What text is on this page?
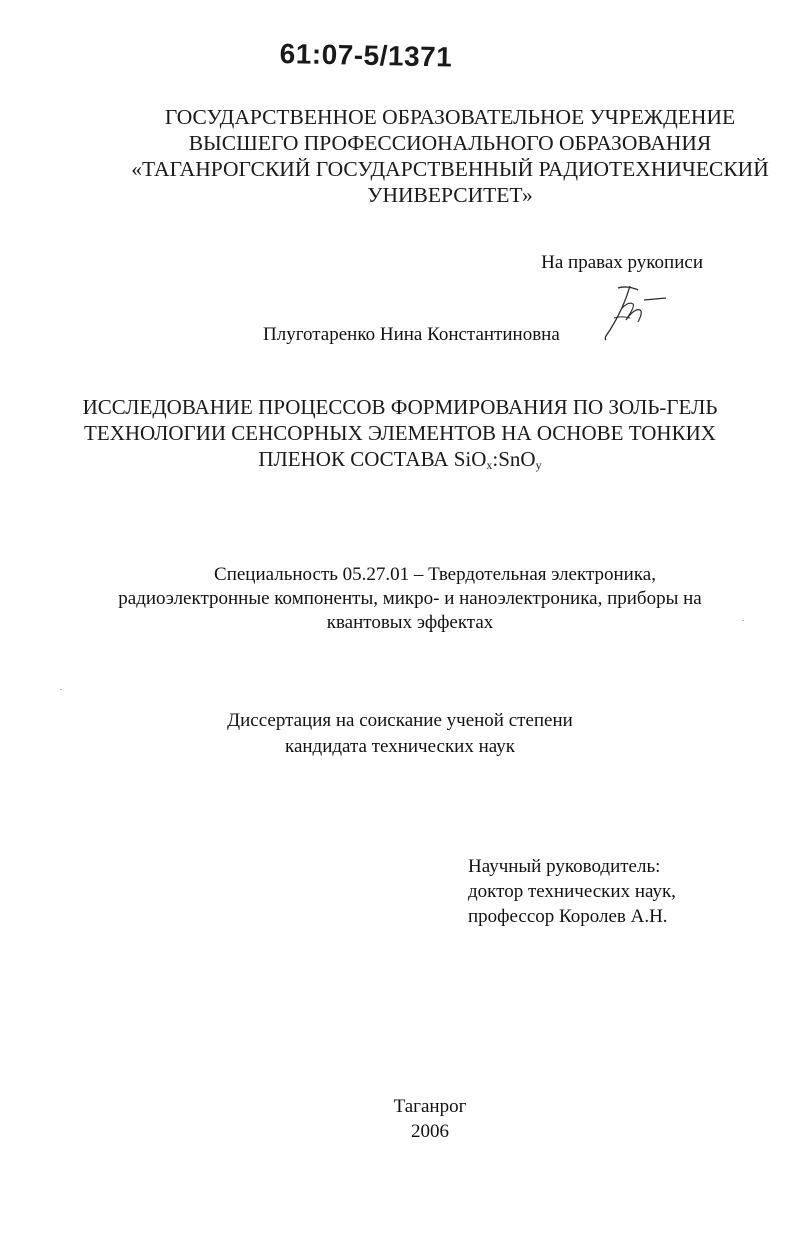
61:07-5/1371
ГОСУДАРСТВЕННОЕ ОБРАЗОВАТЕЛЬНОЕ УЧРЕЖДЕНИЕ
ВЫСШЕГО ПРОФЕССИОНАЛЬНОГО ОБРАЗОВАНИЯ
«ТАГАНРОГСКИЙ ГОСУДАРСТВЕННЫЙ РАДИОТЕХНИЧЕСКИЙ
УНИВЕРСИТЕТ»
На правах рукописи
Плуготаренко Нина Константиновна
ИССЛЕДОВАНИЕ ПРОЦЕССОВ ФОРМИРОВАНИЯ ПО ЗОЛЬ-ГЕЛЬ
ТЕХНОЛОГИИ СЕНСОРНЫХ ЭЛЕМЕНТОВ НА ОСНОВЕ ТОНКИХ
ПЛЕНОК СОСТАВА SiO$_x$:SnO$_y$
Специальность 05.27.01 – Твердотельная электроника,
радиоэлектронные компоненты, микро- и наноэлектроника, приборы на
квантовых эффектах
Диссертация на соискание ученой степени
кандидата технических наук
Научный руководитель:
доктор технических наук,
профессор Королев А.Н.
Таганрог
2006
